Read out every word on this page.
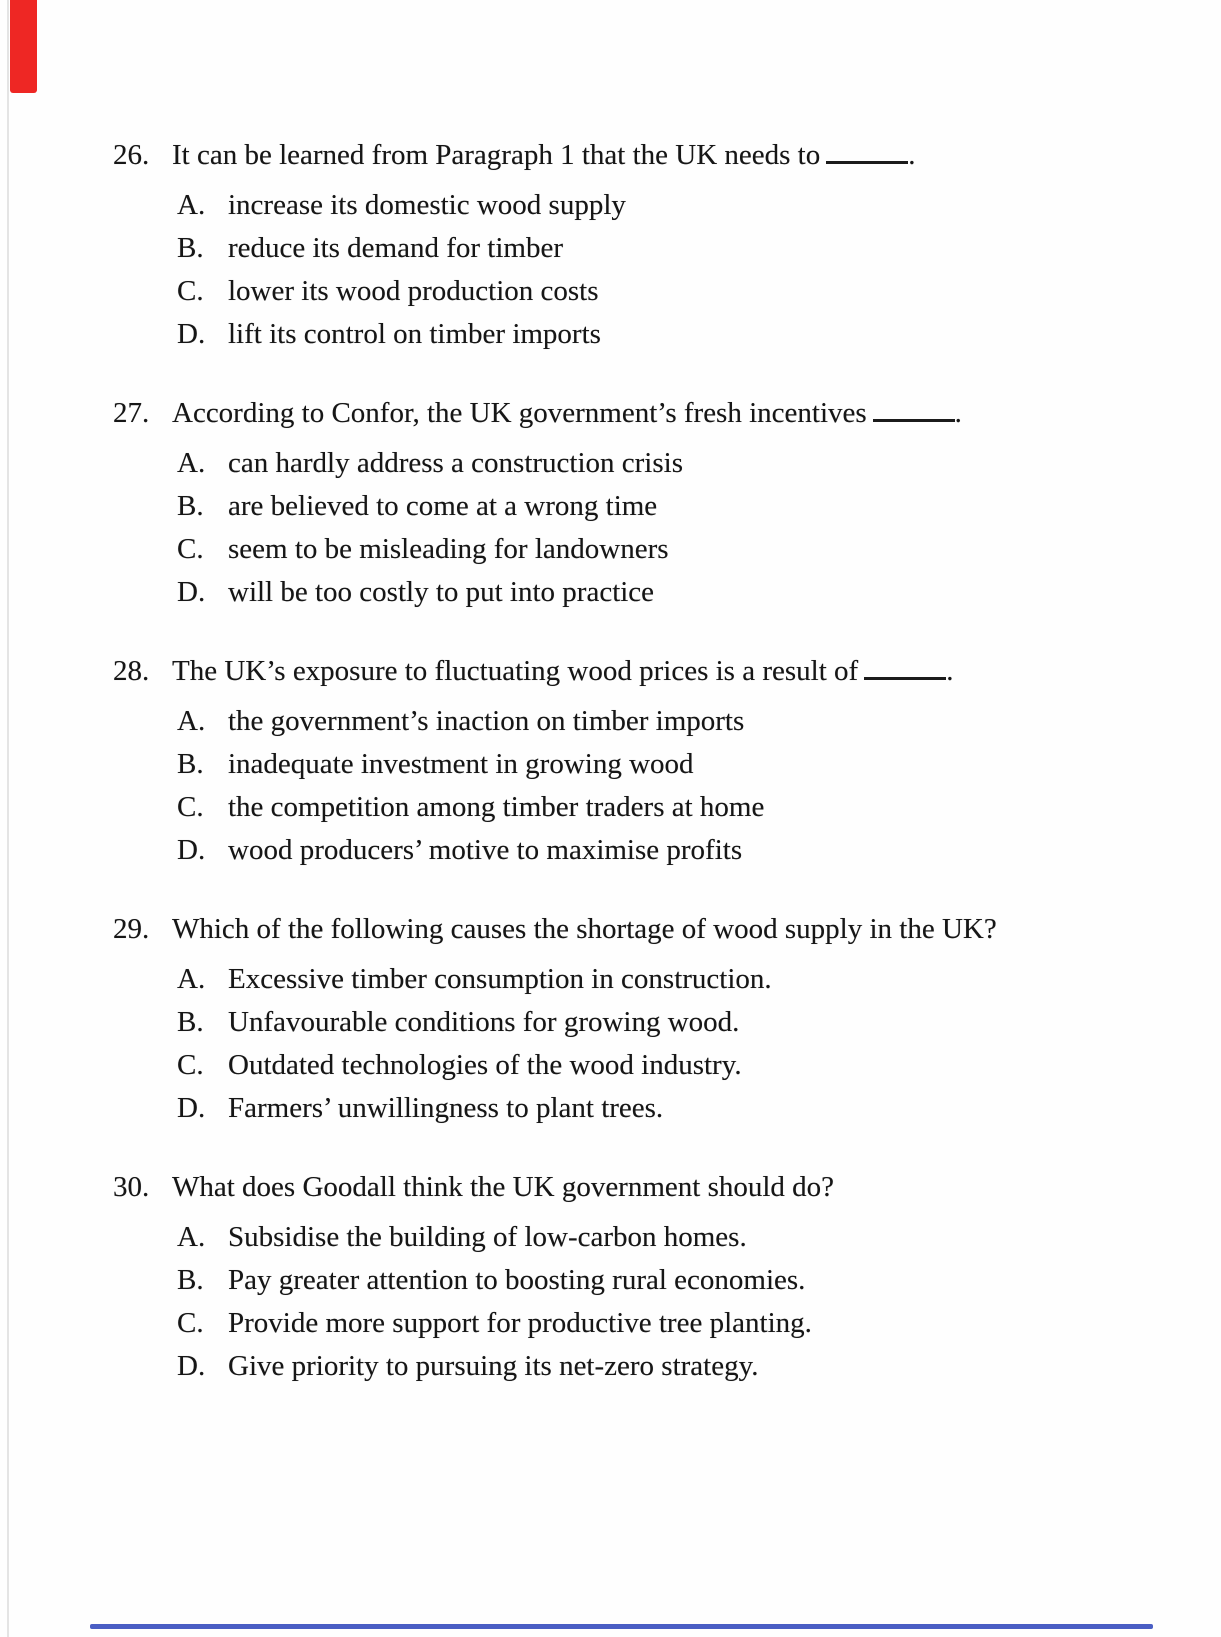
26. It can be learned from Paragraph 1 that the UK needs to	.
A. increase its domestic wood supply
B. reduce its demand for timber
C. lower its wood production costs
D. lift its control on timber imports
27. According to Confor, the UK government’s fresh incentives	.
A. can hardly address a construction crisis
B. are believed to come at a wrong time
C. seem to be misleading for landowners
D. will be too costly to put into practice
28. The UK’s exposure to fluctuating wood prices is a result of	.
A. the government’s inaction on timber imports
B. inadequate investment in growing wood
C. the competition among timber traders at home
D. wood producers’ motive to maximise profits
29. Which of the following causes the shortage of wood supply in the UK?
A. Excessive timber consumption in construction.
B. Unfavourable conditions for growing wood.
C. Outdated technologies of the wood industry.
D. Farmers’ unwillingness to plant trees.
30. What does Goodall think the UK government should do?
A. Subsidise the building of low-carbon homes.
B. Pay greater attention to boosting rural economies.
C. Provide more support for productive tree planting.
D. Give priority to pursuing its net-zero strategy.
